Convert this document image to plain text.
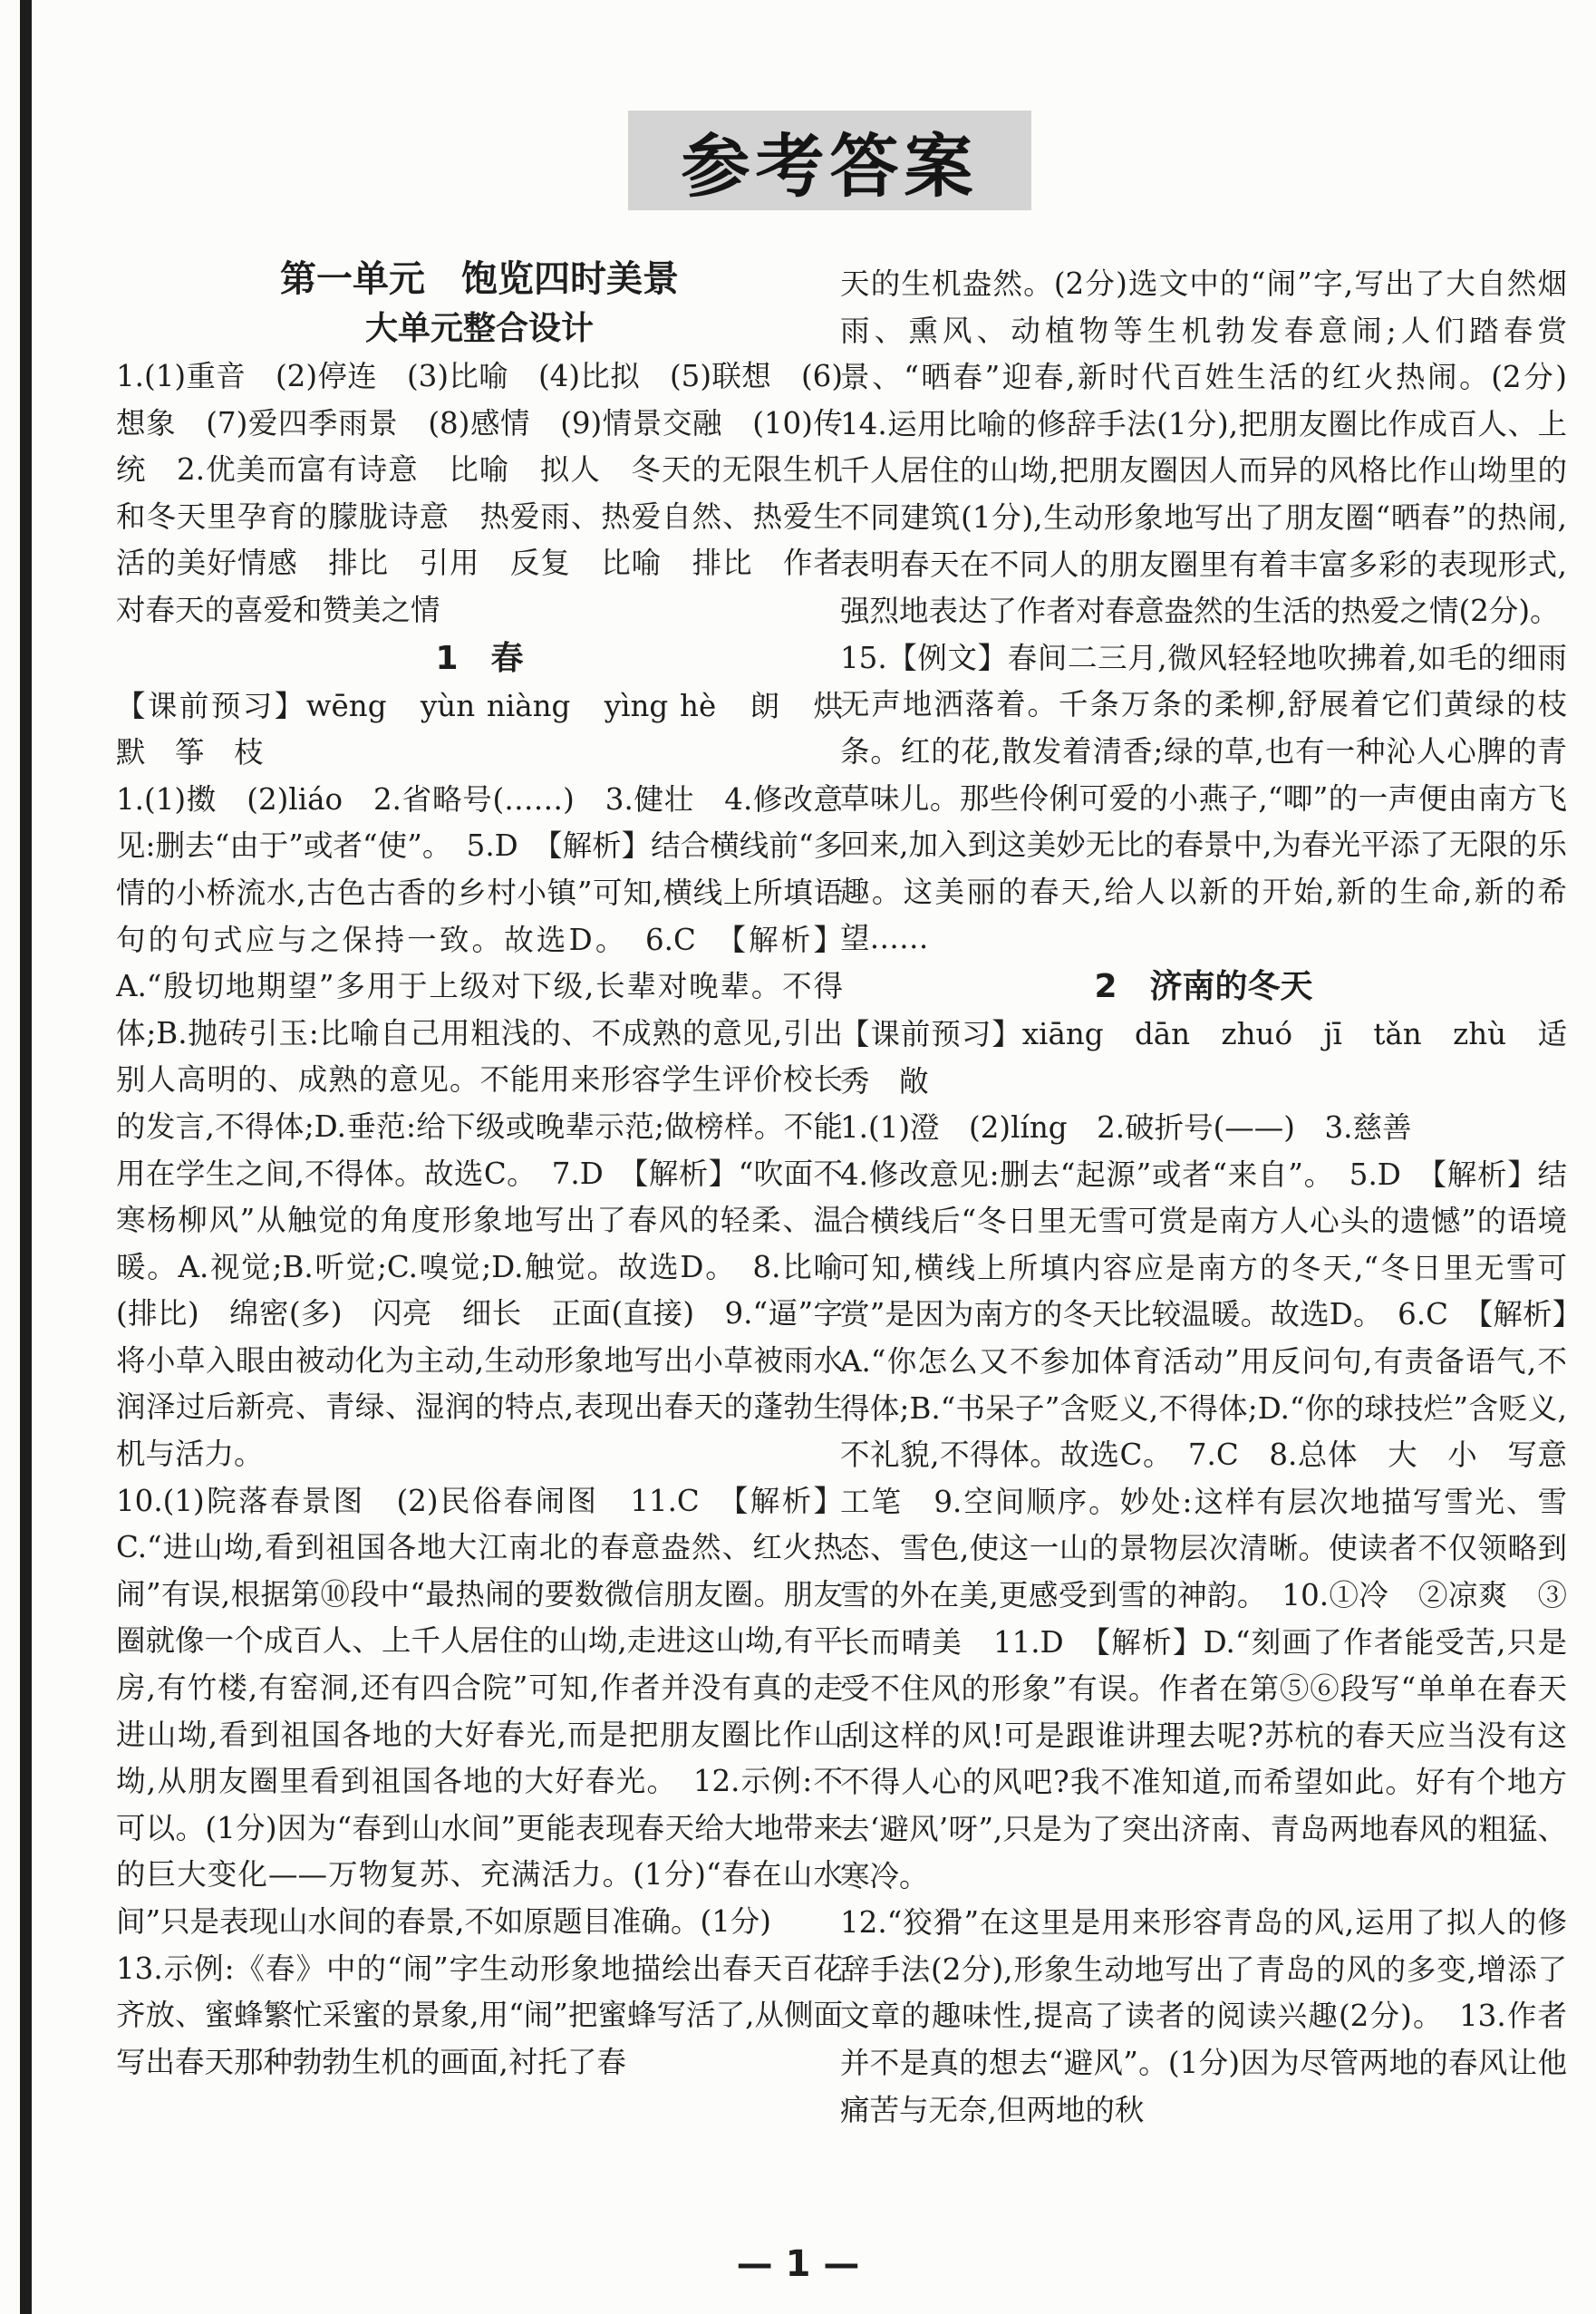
参考答案
第一单元　饱览四时美景
大单元整合设计

1.(1)重音　(2)停连　(3)比喻　(4)比拟　(5)联想　(6)想象　(7)爱四季雨景　(8)感情　(9)情景交融　(10)传统　2.优美而富有诗意　比喻　拟人　冬天的无限生机和冬天里孕育的朦胧诗意　热爱雨、热爱自然、热爱生活的美好情感　排比　引用　反复　比喻　排比　作者对春天的喜爱和赞美之情

1　春

【课前预习】wēng　yùn niàng　yìng hè　朗　烘　默　筝　枝

1.(1)擞　(2)liáo　2.省略号(……)　3.健壮　4.修改意见:删去“由于”或者“使”。　5.D　【解析】结合横线前“多情的小桥流水,古色古香的乡村小镇”可知,横线上所填语句的句式应与之保持一致。故选D。　6.C　【解析】A.“殷切地期望”多用于上级对下级,长辈对晚辈。不得体;B.抛砖引玉:比喻自己用粗浅的、不成熟的意见,引出别人高明的、成熟的意见。不能用来形容学生评价校长的发言,不得体;D.垂范:给下级或晚辈示范;做榜样。不能用在学生之间,不得体。故选C。　7.D　【解析】“吹面不寒杨柳风”从触觉的角度形象地写出了春风的轻柔、温暖。A.视觉;B.听觉;C.嗅觉;D.触觉。故选D。　8.比喻(排比)　绵密(多)　闪亮　细长　正面(直接)　9.“逼”字将小草入眼由被动化为主动,生动形象地写出小草被雨水润泽过后新亮、青绿、湿润的特点,表现出春天的蓬勃生机与活力。

10.(1)院落春景图　(2)民俗春闹图　11.C　【解析】C.“进山坳,看到祖国各地大江南北的春意盎然、红火热闹”有误,根据第⑩段中“最热闹的要数微信朋友圈。朋友圈就像一个成百人、上千人居住的山坳,走进这山坳,有平房,有竹楼,有窑洞,还有四合院”可知,作者并没有真的走进山坳,看到祖国各地的大好春光,而是把朋友圈比作山坳,从朋友圈里看到祖国各地的大好春光。　12.示例:不可以。(1分)因为“春到山水间”更能表现春天给大地带来的巨大变化——万物复苏、充满活力。(1分)“春在山水间”只是表现山水间的春景,不如原题目准确。(1分)

13.示例:《春》中的“闹”字生动形象地描绘出春天百花齐放、蜜蜂繁忙采蜜的景象,用“闹”把蜜蜂写活了,从侧面写出春天那种勃勃生机的画面,衬托了春

天的生机盎然。(2分)选文中的“闹”字,写出了大自然烟雨、熏风、动植物等生机勃发春意闹;人们踏春赏景、“晒春”迎春,新时代百姓生活的红火热闹。(2分)　14.运用比喻的修辞手法(1分),把朋友圈比作成百人、上千人居住的山坳,把朋友圈因人而异的风格比作山坳里的不同建筑(1分),生动形象地写出了朋友圈“晒春”的热闹,表明春天在不同人的朋友圈里有着丰富多彩的表现形式,强烈地表达了作者对春意盎然的生活的热爱之情(2分)。

15.【例文】春间二三月,微风轻轻地吹拂着,如毛的细雨无声地洒落着。千条万条的柔柳,舒展着它们黄绿的枝条。红的花,散发着清香;绿的草,也有一种沁人心脾的青草味儿。那些伶俐可爱的小燕子,“唧”的一声便由南方飞回来,加入到这美妙无比的春景中,为春光平添了无限的乐趣。这美丽的春天,给人以新的开始,新的生命,新的希望……

2　济南的冬天

【课前预习】xiāng　dān　zhuó　jī　tǎn　zhù　适　秀　敞

1.(1)澄　(2)líng　2.破折号(——)　3.慈善

4.修改意见:删去“起源”或者“来自”。　5.D　【解析】结合横线后“冬日里无雪可赏是南方人心头的遗憾”的语境可知,横线上所填内容应是南方的冬天,“冬日里无雪可赏”是因为南方的冬天比较温暖。故选D。　6.C　【解析】A.“你怎么又不参加体育活动”用反问句,有责备语气,不得体;B.“书呆子”含贬义,不得体;D.“你的球技烂”含贬义,不礼貌,不得体。故选C。　7.C　8.总体　大　小　写意　工笔　9.空间顺序。妙处:这样有层次地描写雪光、雪态、雪色,使这一山的景物层次清晰。使读者不仅领略到雪的外在美,更感受到雪的神韵。　10.①冷　②凉爽　③长而晴美　11.D　【解析】D.“刻画了作者能受苦,只是受不住风的形象”有误。作者在第⑤⑥段写“单单在春天刮这样的风!可是跟谁讲理去呢?苏杭的春天应当没有这不得人心的风吧?我不准知道,而希望如此。好有个地方去‘避风’呀”,只是为了突出济南、青岛两地春风的粗猛、寒冷。

12.“狡猾”在这里是用来形容青岛的风,运用了拟人的修辞手法(2分),形象生动地写出了青岛的风的多变,增添了文章的趣味性,提高了读者的阅读兴趣(2分)。　13.作者并不是真的想去“避风”。(1分)因为尽管两地的春风让他痛苦与无奈,但两地的秋

— 1 —
